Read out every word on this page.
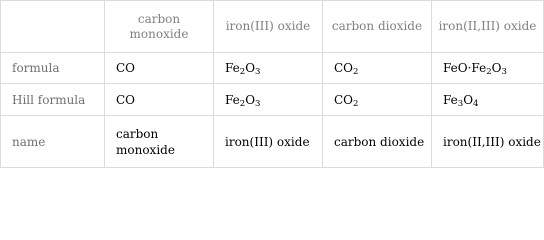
	carbon monoxide	iron(III) oxide	carbon dioxide	iron(II,III) oxide
formula	CO	$Fe_2O_3$	$CO_2$	$FeO\cdot Fe_2O_3$

Hill formula	CO	$Fe_2O_3$	$CO_2$	$Fe_3O_4$

name	carbon monoxide	iron(III) oxide	carbon dioxide	iron(II,III) oxide
